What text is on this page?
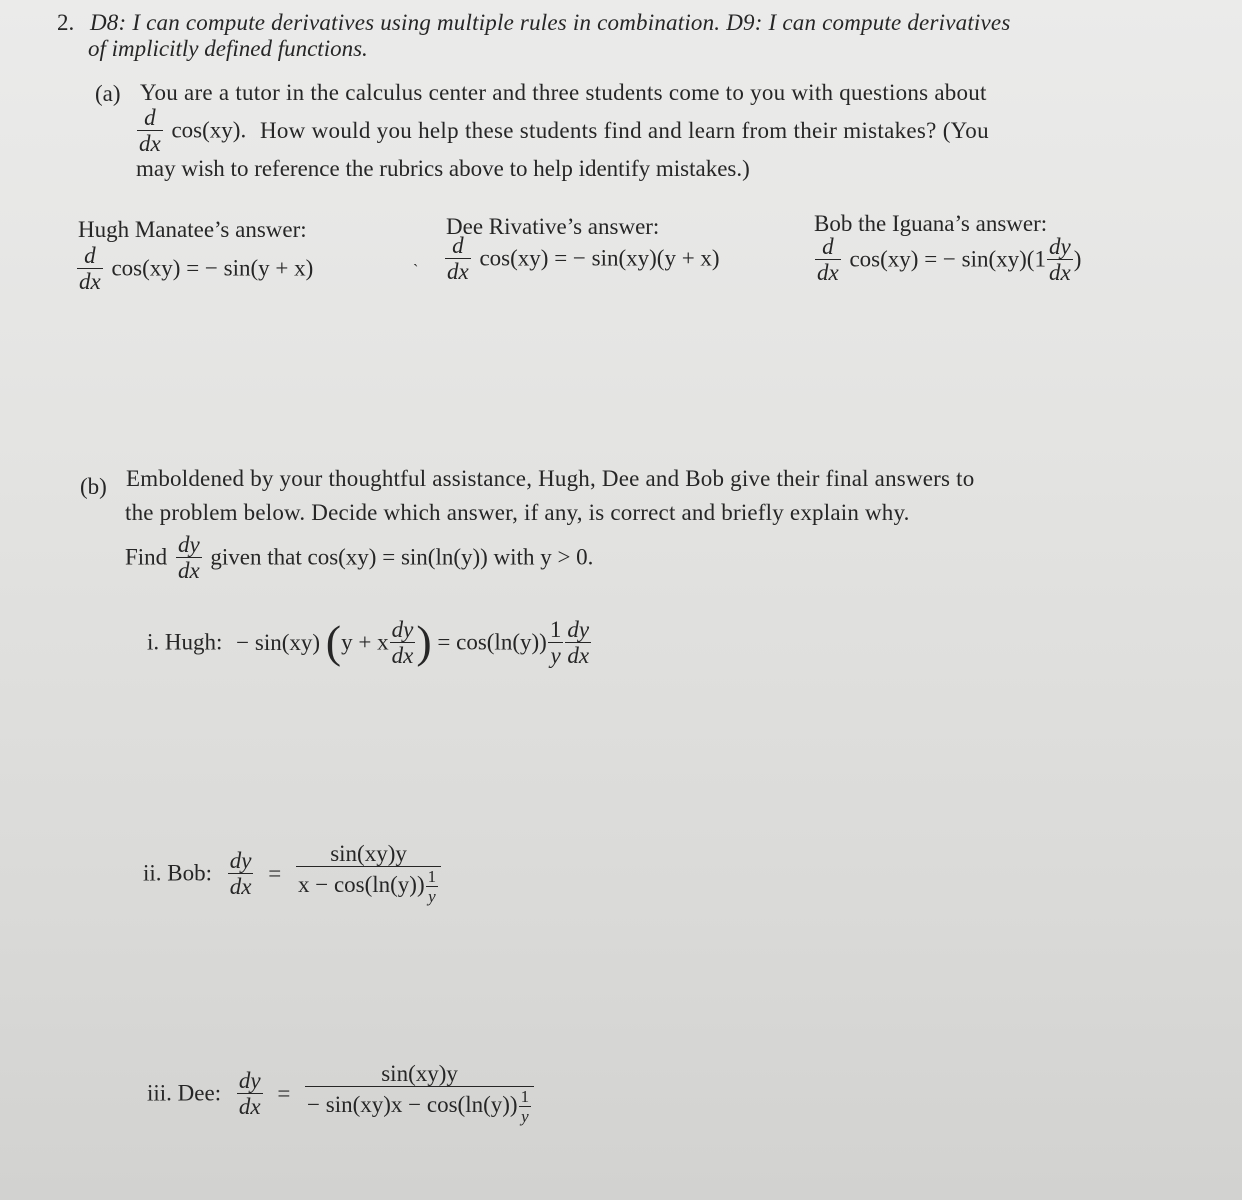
2. D8: I can compute derivatives using multiple rules in combination. D9: I can compute derivatives
of implicitly defined functions.
(a) You are a tutor in the calculus center and three students come to you with questions about
$\frac{d}{dx} \cos(xy)$. How would you help these students find and learn from their mistakes? (You
may wish to reference the rubrics above to help identify mistakes.)
Hugh Manatee’s answer:
$\frac{d}{dx} \cos(xy)$ = − sin(y + x)	`
Dee Rivative’s answer:
$\frac{d}{dx} \cos(xy)$ = − sin(xy)(y + x)
Bob the Iguana’s answer:
$\frac{d}{dx} \cos(xy)$ = − $\sin(xy)(1 \frac{dy}{dx}$ )
(b) Emboldened by your thoughtful assistance, Hugh, Dee and Bob give their final answers to
the problem below. Decide which answer, if any, is correct and briefly explain why.
Find $\frac{dy}{dx}$ given that cos(xy) = sin(ln(y)) with y > 0.
i. Hugh: − sin(xy) (y + x $\frac{dy}{dx}$ ) = $\cos(\ln(y)) \frac{1}{y} \frac{dy}{dx}$
ii. Bob: $\frac{dy}{dx} = \frac{\sin(xy)y}{x - \cos(\ln(y)) \frac{1}{y}}$
iii. Dee: $\frac{dy}{dx} = \frac{\sin(xy)y}{- \sin(xy)x - \cos(\ln(y)) \frac{1}{y}}$
